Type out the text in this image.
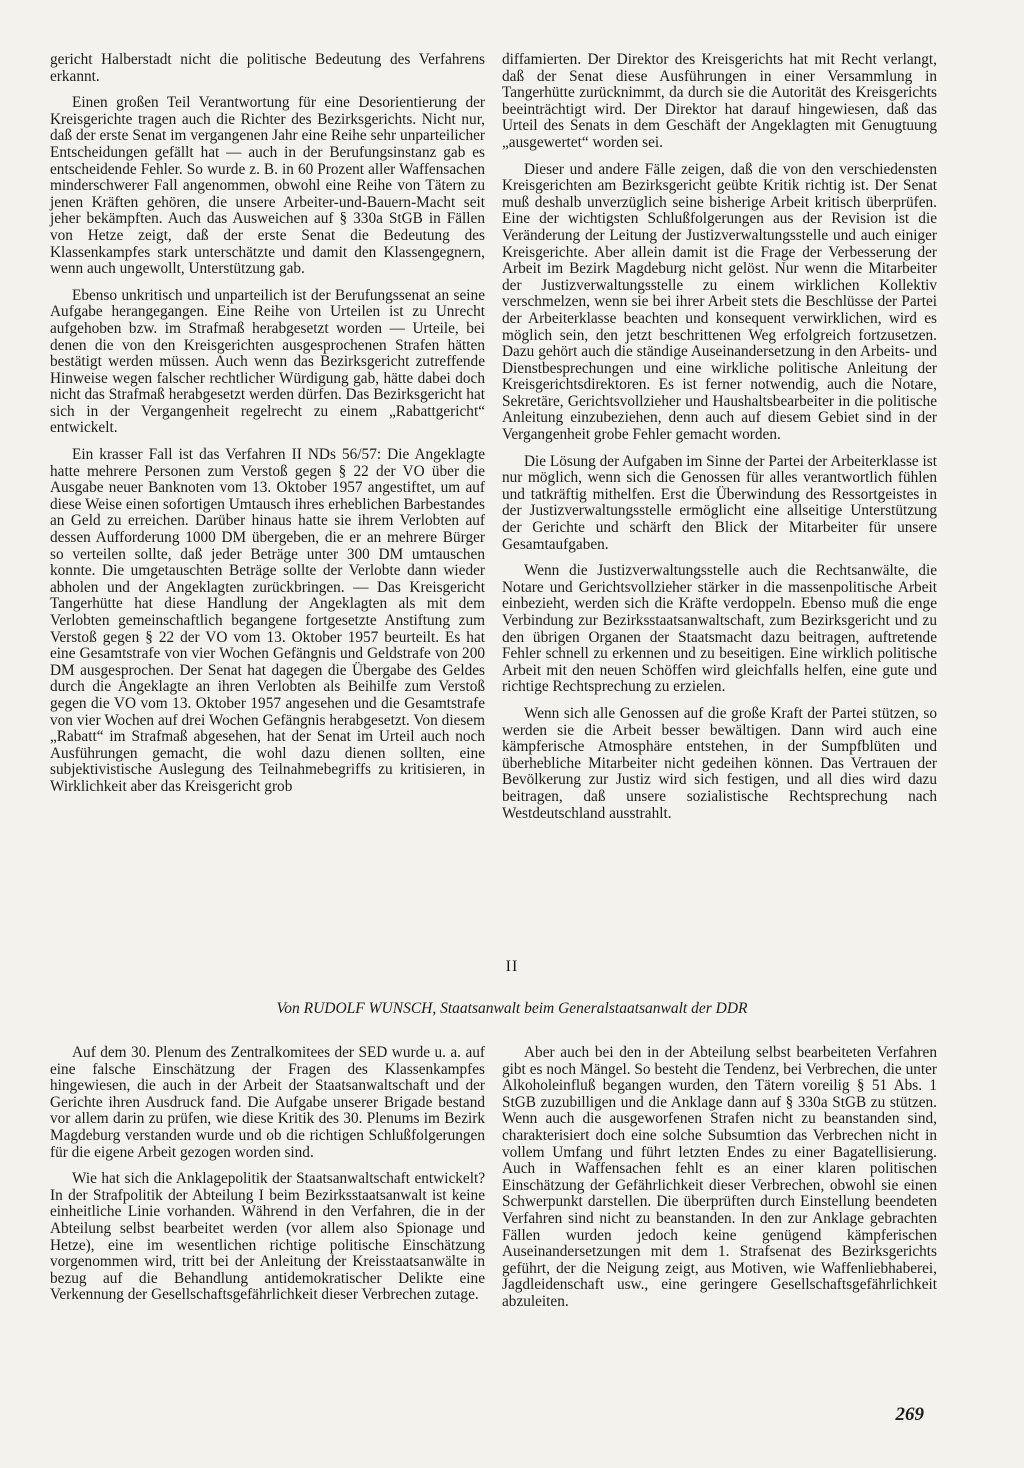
gericht Halberstadt nicht die politische Bedeutung des Verfahrens erkannt.

Einen großen Teil Verantwortung für eine Desorientierung der Kreisgerichte tragen auch die Richter des Bezirksgerichts. Nicht nur, daß der erste Senat im vergangenen Jahr eine Reihe sehr unparteilicher Entscheidungen gefällt hat — auch in der Berufungsinstanz gab es entscheidende Fehler. So wurde z. B. in 60 Prozent aller Waffensachen minderschwerer Fall angenommen, obwohl eine Reihe von Tätern zu jenen Kräften gehören, die unsere Arbeiter-und-Bauern-Macht seit jeher bekämpften. Auch das Ausweichen auf § 330a StGB in Fällen von Hetze zeigt, daß der erste Senat die Bedeutung des Klassenkampfes stark unterschätzte und damit den Klassengegnern, wenn auch ungewollt, Unterstützung gab.

Ebenso unkritisch und unparteilich ist der Berufungssenat an seine Aufgabe herangegangen. Eine Reihe von Urteilen ist zu Unrecht aufgehoben bzw. im Strafmaß herabgesetzt worden — Urteile, bei denen die von den Kreisgerichten ausgesprochenen Strafen hätten bestätigt werden müssen. Auch wenn das Bezirksgericht zutreffende Hinweise wegen falscher rechtlicher Würdigung gab, hätte dabei doch nicht das Strafmaß herabgesetzt werden dürfen. Das Bezirksgericht hat sich in der Vergangenheit regelrecht zu einem „Rabattgericht“ entwickelt.

Ein krasser Fall ist das Verfahren II NDs 56/57: Die Angeklagte hatte mehrere Personen zum Verstoß gegen § 22 der VO über die Ausgabe neuer Banknoten vom 13. Oktober 1957 angestiftet, um auf diese Weise einen sofortigen Umtausch ihres erheblichen Barbestandes an Geld zu erreichen. Darüber hinaus hatte sie ihrem Verlobten auf dessen Aufforderung 1000 DM übergeben, die er an mehrere Bürger so verteilen sollte, daß jeder Beträge unter 300 DM umtauschen konnte. Die umgetauschten Beträge sollte der Verlobte dann wieder abholen und der Angeklagten zurückbringen. — Das Kreisgericht Tangerhütte hat diese Handlung der Angeklagten als mit dem Verlobten gemeinschaftlich begangene fortgesetzte Anstiftung zum Verstoß gegen § 22 der VO vom 13. Oktober 1957 beurteilt. Es hat eine Gesamtstrafe von vier Wochen Gefängnis und Geldstrafe von 200 DM ausgesprochen. Der Senat hat dagegen die Übergabe des Geldes durch die Angeklagte an ihren Verlobten als Beihilfe zum Verstoß gegen die VO vom 13. Oktober 1957 angesehen und die Gesamtstrafe von vier Wochen auf drei Wochen Gefängnis herabgesetzt. Von diesem „Rabatt“ im Strafmaß abgesehen, hat der Senat im Urteil auch noch Ausführungen gemacht, die wohl dazu dienen sollten, eine subjektivistische Auslegung des Teilnahmebegriffs zu kritisieren, in Wirklichkeit aber das Kreisgericht grob

diffamierten. Der Direktor des Kreisgerichts hat mit Recht verlangt, daß der Senat diese Ausführungen in einer Versammlung in Tangerhütte zurücknimmt, da durch sie die Autorität des Kreisgerichts beeinträchtigt wird. Der Direktor hat darauf hingewiesen, daß das Urteil des Senats in dem Geschäft der Angeklagten mit Genugtuung „ausgewertet“ worden sei.

Dieser und andere Fälle zeigen, daß die von den verschiedensten Kreisgerichten am Bezirksgericht geübte Kritik richtig ist. Der Senat muß deshalb unverzüglich seine bisherige Arbeit kritisch überprüfen. Eine der wichtigsten Schlußfolgerungen aus der Revision ist die Veränderung der Leitung der Justizverwaltungsstelle und auch einiger Kreisgerichte. Aber allein damit ist die Frage der Verbesserung der Arbeit im Bezirk Magdeburg nicht gelöst. Nur wenn die Mitarbeiter der Justizverwaltungsstelle zu einem wirklichen Kollektiv verschmelzen, wenn sie bei ihrer Arbeit stets die Beschlüsse der Partei der Arbeiterklasse beachten und konsequent verwirklichen, wird es möglich sein, den jetzt beschrittenen Weg erfolgreich fortzusetzen. Dazu gehört auch die ständige Auseinandersetzung in den Arbeits- und Dienstbesprechungen und eine wirkliche politische Anleitung der Kreisgerichtsdirektoren. Es ist ferner notwendig, auch die Notare, Sekretäre, Gerichtsvollzieher und Haushaltsbearbeiter in die politische Anleitung einzubeziehen, denn auch auf diesem Gebiet sind in der Vergangenheit grobe Fehler gemacht worden.

Die Lösung der Aufgaben im Sinne der Partei der Arbeiterklasse ist nur möglich, wenn sich die Genossen für alles verantwortlich fühlen und tatkräftig mithelfen. Erst die Überwindung des Ressortgeistes in der Justizverwaltungsstelle ermöglicht eine allseitige Unterstützung der Gerichte und schärft den Blick der Mitarbeiter für unsere Gesamtaufgaben.

Wenn die Justizverwaltungsstelle auch die Rechtsanwälte, die Notare und Gerichtsvollzieher stärker in die massenpolitische Arbeit einbezieht, werden sich die Kräfte verdoppeln. Ebenso muß die enge Verbindung zur Bezirksstaatsanwaltschaft, zum Bezirksgericht und zu den übrigen Organen der Staatsmacht dazu beitragen, auftretende Fehler schnell zu erkennen und zu beseitigen. Eine wirklich politische Arbeit mit den neuen Schöffen wird gleichfalls helfen, eine gute und richtige Rechtsprechung zu erzielen.

Wenn sich alle Genossen auf die große Kraft der Partei stützen, so werden sie die Arbeit besser bewältigen. Dann wird auch eine kämpferische Atmosphäre entstehen, in der Sumpfblüten und überhebliche Mitarbeiter nicht gedeihen können. Das Vertrauen der Bevölkerung zur Justiz wird sich festigen, und all dies wird dazu beitragen, daß unsere sozialistische Rechtsprechung nach Westdeutschland ausstrahlt.

II
Von RUDOLF WUNSCH, Staatsanwalt beim Generalstaatsanwalt der DDR

Auf dem 30. Plenum des Zentralkomitees der SED wurde u. a. auf eine falsche Einschätzung der Fragen des Klassenkampfes hingewiesen, die auch in der Arbeit der Staatsanwaltschaft und der Gerichte ihren Ausdruck fand. Die Aufgabe unserer Brigade bestand vor allem darin zu prüfen, wie diese Kritik des 30. Plenums im Bezirk Magdeburg verstanden wurde und ob die richtigen Schlußfolgerungen für die eigene Arbeit gezogen worden sind.

Wie hat sich die Anklagepolitik der Staatsanwaltschaft entwickelt? In der Strafpolitik der Abteilung I beim Bezirksstaatsanwalt ist keine einheitliche Linie vorhanden. Während in den Verfahren, die in der Abteilung selbst bearbeitet werden (vor allem also Spionage und Hetze), eine im wesentlichen richtige politische Einschätzung vorgenommen wird, tritt bei der Anleitung der Kreisstaatsanwälte in bezug auf die Behandlung antidemokratischer Delikte eine Verkennung der Gesellschaftsgefährlichkeit dieser Verbrechen zutage.

Aber auch bei den in der Abteilung selbst bearbeiteten Verfahren gibt es noch Mängel. So besteht die Tendenz, bei Verbrechen, die unter Alkoholeinfluß begangen wurden, den Tätern voreilig § 51 Abs. 1 StGB zuzubilligen und die Anklage dann auf § 330a StGB zu stützen. Wenn auch die ausgeworfenen Strafen nicht zu beanstanden sind, charakterisiert doch eine solche Subsumtion das Verbrechen nicht in vollem Umfang und führt letzten Endes zu einer Bagatellisierung. Auch in Waffensachen fehlt es an einer klaren politischen Einschätzung der Gefährlichkeit dieser Verbrechen, obwohl sie einen Schwerpunkt darstellen. Die überprüften durch Einstellung beendeten Verfahren sind nicht zu beanstanden. In den zur Anklage gebrachten Fällen wurden jedoch keine genügend kämpferischen Auseinandersetzungen mit dem 1. Strafsenat des Bezirksgerichts geführt, der die Neigung zeigt, aus Motiven, wie Waffenliebhaberei, Jagdleidenschaft usw., eine geringere Gesellschaftsgefährlichkeit abzuleiten.

269
